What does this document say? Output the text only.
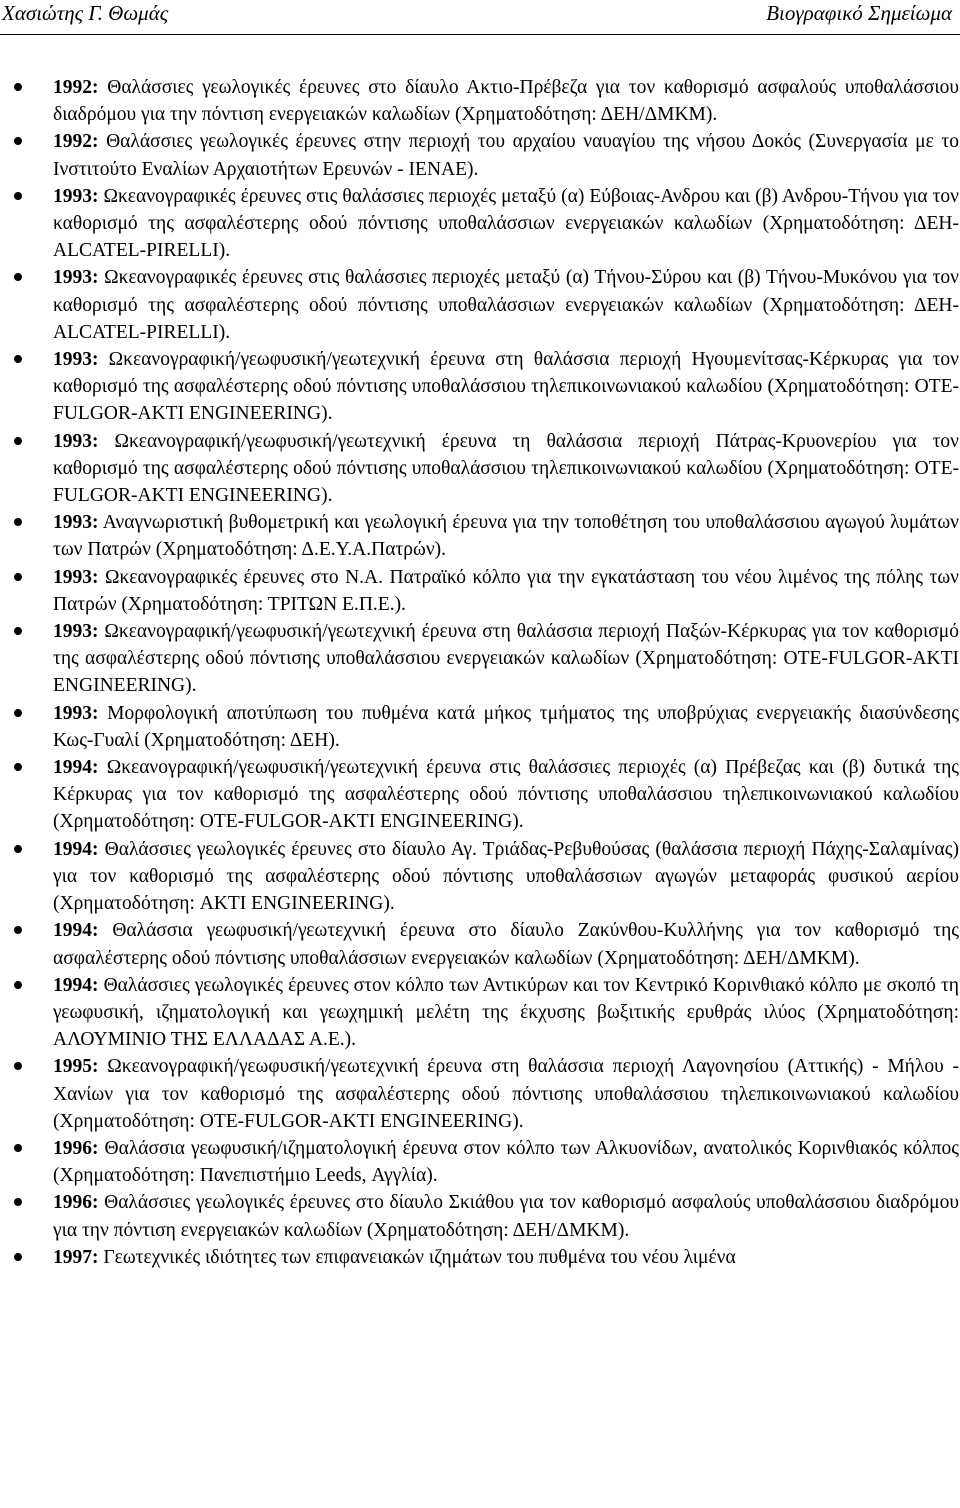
Χασιώτης Γ. Θωμάς	Βιογραφικό Σημείωμα
1992: Θαλάσσιες γεωλογικές έρευνες στο δίαυλο Ακτιο-Πρέβεζα για τον καθορισμό ασφαλούς υποθαλάσσιου διαδρόμου για την πόντιση ενεργειακών καλωδίων (Χρηματοδότηση: ΔΕΗ/ΔΜΚΜ).
1992: Θαλάσσιες γεωλογικές έρευνες στην περιοχή του αρχαίου ναυαγίου της νήσου Δοκός (Συνεργασία με το Ινστιτούτο Εναλίων Αρχαιοτήτων Ερευνών - ΙΕΝΑΕ).
1993: Ωκεανογραφικές έρευνες στις θαλάσσιες περιοχές μεταξύ (α) Εύβοιας-Ανδρου και (β) Ανδρου-Τήνου για τον καθορισμό της ασφαλέστερης οδού πόντισης υποθαλάσσιων ενεργειακών καλωδίων (Χρηματοδότηση: ΔΕΗ-ALCATEL-PIRELLI).
1993: Ωκεανογραφικές έρευνες στις θαλάσσιες περιοχές μεταξύ (α) Τήνου-Σύρου και (β) Τήνου-Μυκόνου για τον καθορισμό της ασφαλέστερης οδού πόντισης υποθαλάσσιων ενεργειακών καλωδίων (Χρηματοδότηση: ΔΕΗ-ALCATEL-PIRELLI).
1993: Ωκεανογραφική/γεωφυσική/γεωτεχνική έρευνα στη θαλάσσια περιοχή Ηγουμενίτσας-Κέρκυρας για τον καθορισμό της ασφαλέστερης οδού πόντισης υποθαλάσσιου τηλεπικοινωνιακού καλωδίου (Χρηματοδότηση: ΟΤΕ-FULGOR-AKTI ENGINEERING).
1993: Ωκεανογραφική/γεωφυσική/γεωτεχνική έρευνα τη θαλάσσια περιοχή Πάτρας-Κρυονερίου για τον καθορισμό της ασφαλέστερης οδού πόντισης υποθαλάσσιου τηλεπικοινωνιακού καλωδίου (Χρηματοδότηση: ΟΤΕ-FULGOR-AKTI ENGINEERING).
1993: Αναγνωριστική βυθομετρική και γεωλογική έρευνα για την τοποθέτηση του υποθαλάσσιου αγωγού λυμάτων των Πατρών (Χρηματοδότηση: Δ.Ε.Υ.Α.Πατρών).
1993: Ωκεανογραφικές έρευνες στο Ν.Α. Πατραϊκό κόλπο για την εγκατάσταση του νέου λιμένος της πόλης των Πατρών (Χρηματοδότηση: ΤΡΙΤΩΝ Ε.Π.Ε.).
1993: Ωκεανογραφική/γεωφυσική/γεωτεχνική έρευνα στη θαλάσσια περιοχή Παξών-Κέρκυρας για τον καθορισμό της ασφαλέστερης οδού πόντισης υποθαλάσσιου ενεργειακών καλωδίων (Χρηματοδότηση: ΟΤΕ-FULGOR-AKTI ENGINEERING).
1993: Μορφολογική αποτύπωση του πυθμένα κατά μήκος τμήματος της υποβρύχιας ενεργειακής διασύνδεσης Κως-Γυαλί (Χρηματοδότηση: ΔΕΗ).
1994: Ωκεανογραφική/γεωφυσική/γεωτεχνική έρευνα στις θαλάσσιες περιοχές (α) Πρέβεζας και (β) δυτικά της Κέρκυρας για τον καθορισμό της ασφαλέστερης οδού πόντισης υποθαλάσσιου τηλεπικοινωνιακού καλωδίου (Χρηματοδότηση: ΟΤΕ-FULGOR-AKTI ENGINEERING).
1994: Θαλάσσιες γεωλογικές έρευνες στο δίαυλο Αγ. Τριάδας-Ρεβυθούσας (θαλάσσια περιοχή Πάχης-Σαλαμίνας) για τον καθορισμό της ασφαλέστερης οδού πόντισης υποθαλάσσιων αγωγών μεταφοράς φυσικού αερίου (Χρηματοδότηση: AKTI ENGINEERING).
1994: Θαλάσσια γεωφυσική/γεωτεχνική έρευνα στο δίαυλο Ζακύνθου-Κυλλήνης για τον καθορισμό της ασφαλέστερης οδού πόντισης υποθαλάσσιων ενεργειακών καλωδίων (Χρηματοδότηση: ΔΕΗ/ΔΜΚΜ).
1994: Θαλάσσιες γεωλογικές έρευνες στον κόλπο των Αντικύρων και τον Κεντρικό Κορινθιακό κόλπο με σκοπό τη γεωφυσική, ιζηματολογική και γεωχημική μελέτη της έκχυσης βωξιτικής ερυθράς ιλύος (Χρηματοδότηση: ΑΛΟΥΜΙΝΙΟ ΤΗΣ ΕΛΛΑΔΑΣ Α.Ε.).
1995: Ωκεανογραφική/γεωφυσική/γεωτεχνική έρευνα στη θαλάσσια περιοχή Λαγονησίου (Αττικής) - Μήλου - Χανίων για τον καθορισμό της ασφαλέστερης οδού πόντισης υποθαλάσσιου τηλεπικοινωνιακού καλωδίου (Χρηματοδότηση: ΟΤΕ-FULGOR-AKTI ENGINEERING).
1996: Θαλάσσια γεωφυσική/ιζηματολογική έρευνα στον κόλπο των Αλκυονίδων, ανατολικός Κορινθιακός κόλπος (Χρηματοδότηση: Πανεπιστήμιο Leeds, Αγγλία).
1996: Θαλάσσιες γεωλογικές έρευνες στο δίαυλο Σκιάθου για τον καθορισμό ασφαλούς υποθαλάσσιου διαδρόμου για την πόντιση ενεργειακών καλωδίων (Χρηματοδότηση: ΔΕΗ/ΔΜΚΜ).
1997: Γεωτεχνικές ιδιότητες των επιφανειακών ιζημάτων του πυθμένα του νέου λιμένα
